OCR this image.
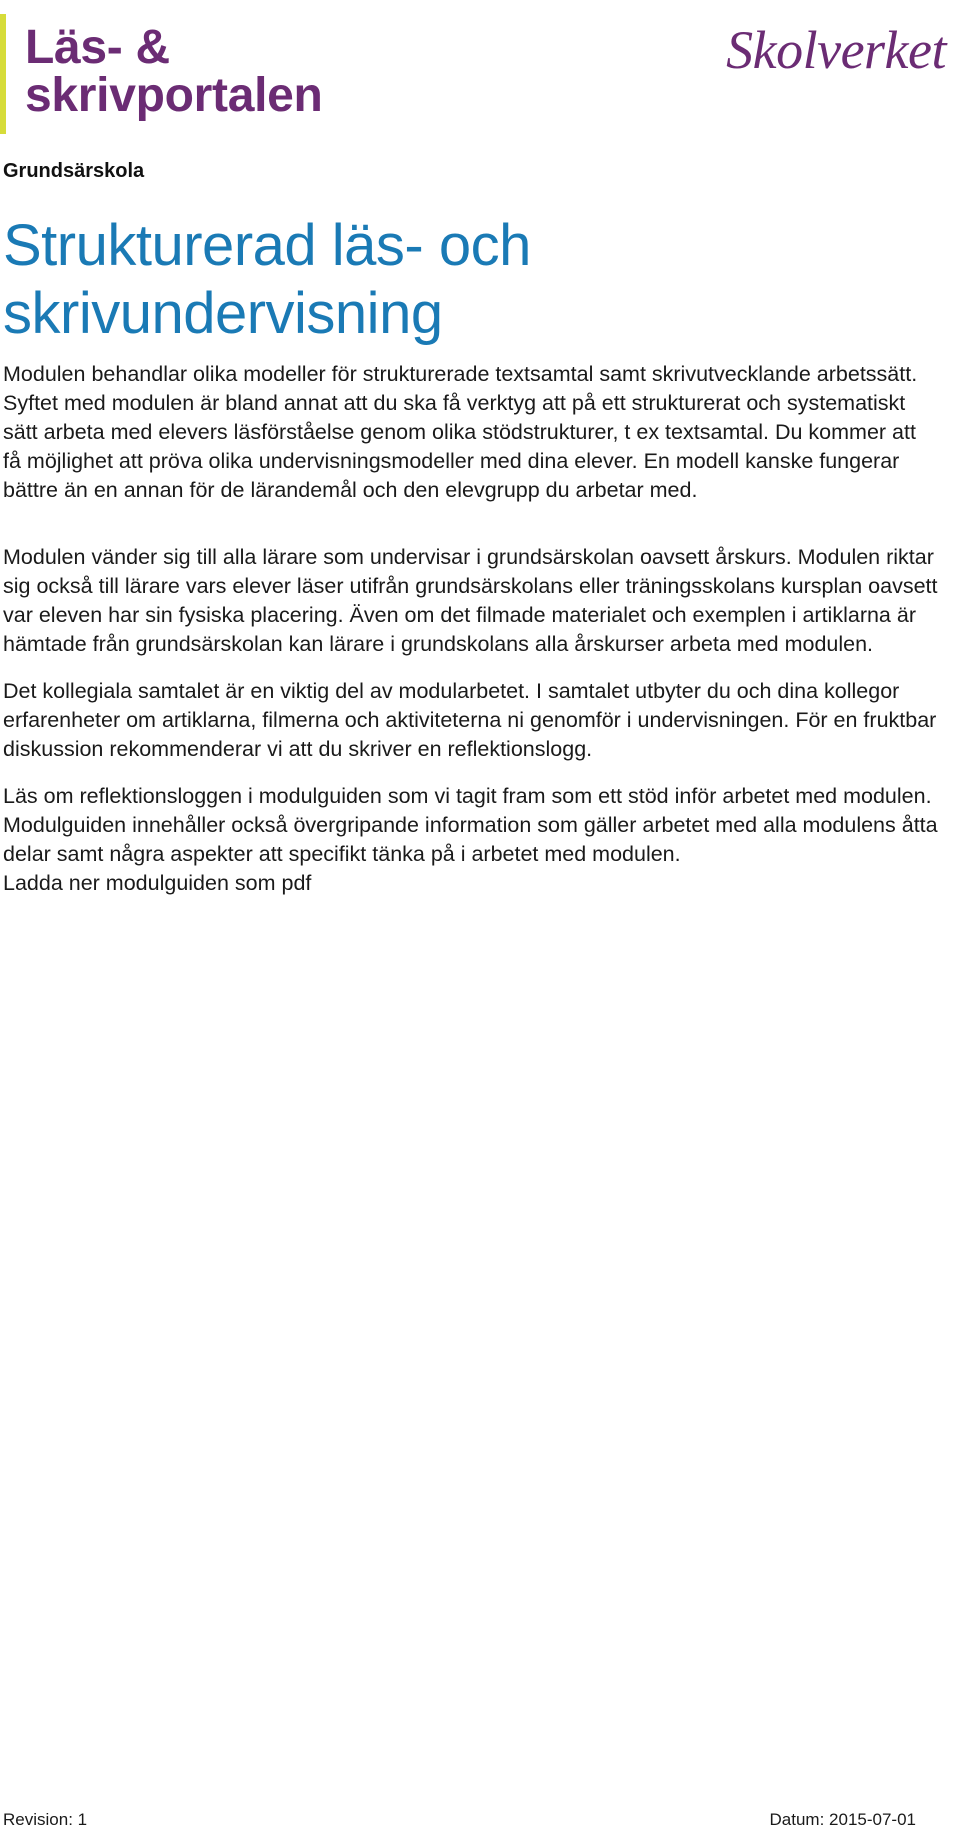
Läs- &
skrivportalen
Skolverket
Grundsärskola
Strukturerad läs- och skrivundervisning

Modulen behandlar olika modeller för strukturerade textsamtal samt skrivutvecklande arbetssätt. Syftet med modulen är bland annat att du ska få verktyg att på ett strukturerat och systematiskt sätt arbeta med elevers läsförståelse genom olika stödstrukturer, t ex textsamtal. Du kommer att få möjlighet att pröva olika undervisningsmodeller med dina elever. En modell kanske fungerar bättre än en annan för de lärandemål och den elevgrupp du arbetar med.

Modulen vänder sig till alla lärare som undervisar i grundsärskolan oavsett årskurs. Modulen riktar sig också till lärare vars elever läser utifrån grundsärskolans eller träningsskolans kursplan oavsett var eleven har sin fysiska placering. Även om det filmade materialet och exemplen i artiklarna är hämtade från grundsärskolan kan lärare i grundskolans alla årskurser arbeta med modulen.

Det kollegiala samtalet är en viktig del av modularbetet. I samtalet utbyter du och dina kollegor erfarenheter om artiklarna, filmerna och aktiviteterna ni genomför i undervisningen. För en fruktbar diskussion rekommenderar vi att du skriver en reflektionslogg.

Läs om reflektionsloggen i modulguiden som vi tagit fram som ett stöd inför arbetet med modulen. Modulguiden innehåller också övergripande information som gäller arbetet med alla modulens åtta delar samt några aspekter att specifikt tänka på i arbetet med modulen.

Ladda ner modulguiden som pdf

Revision: 1	Datum: 2015-07-01
